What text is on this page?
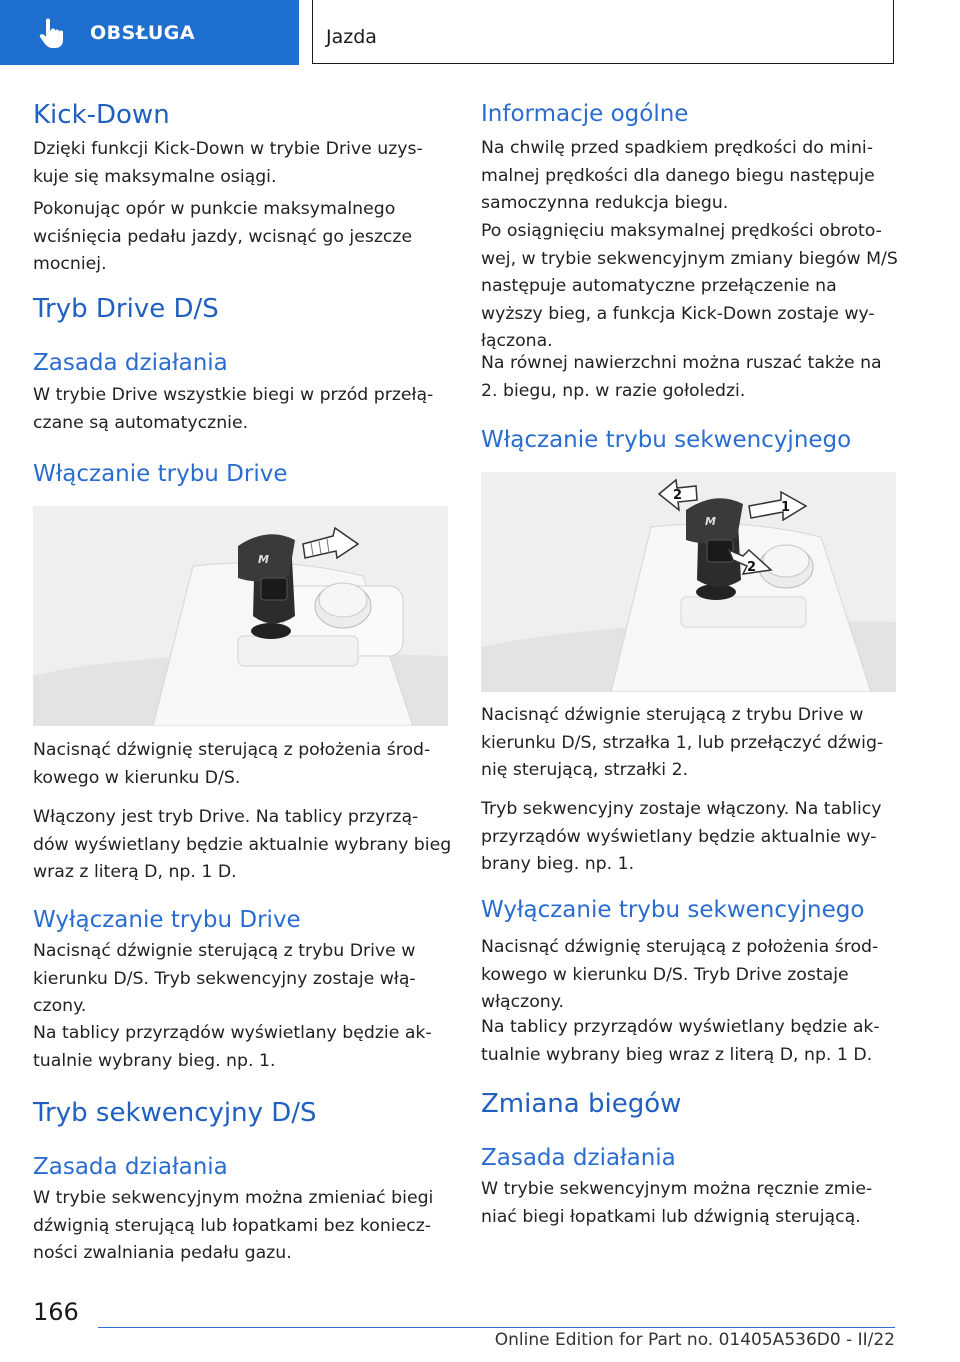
OBSŁUGA	Jazda
Kick-Down
Dzięki funkcji Kick-Down w trybie Drive uzys-kuje się maksymalne osiągi.
Pokonując opór w punkcie maksymalnego wciśnięcia pedału jazdy, wcisnąć go jeszcze mocniej.
Tryb Drive D/S
Zasada działania
W trybie Drive wszystkie biegi w przód przełą-czane są automatycznie.
Włączanie trybu Drive
M
Nacisnąć dźwignię sterującą z położenia środ-kowego w kierunku D/S.
Włączony jest tryb Drive. Na tablicy przyrzą-dów wyświetlany będzie aktualnie wybrany bieg wraz z literą D, np. 1 D.
Wyłączanie trybu Drive
Nacisnąć dźwignie sterującą z trybu Drive w kierunku D/S. Tryb sekwencyjny zostaje włą-czony.
Na tablicy przyrządów wyświetlany będzie ak-tualnie wybrany bieg. np. 1.
Tryb sekwencyjny D/S
Zasada działania
W trybie sekwencyjnym można zmieniać biegi dźwignią sterującą lub łopatkami bez koniecz-ności zwalniania pedału gazu.
Informacje ogólne
Na chwilę przed spadkiem prędkości do mini-malnej prędkości dla danego biegu następuje samoczynna redukcja biegu.
Po osiągnięciu maksymalnej prędkości obroto-wej, w trybie sekwencyjnym zmiany biegów M/S następuje automatyczne przełączenie na wyższy bieg, a funkcja Kick-Down zostaje wy-łączona.
Na równej nawierzchni można ruszać także na 2. biegu, np. w razie gołoledzi.
Włączanie trybu sekwencyjnego
M
1
2
2
Nacisnąć dźwignie sterującą z trybu Drive w kierunku D/S, strzałka 1, lub przełączyć dźwig-nię sterującą, strzałki 2.
Tryb sekwencyjny zostaje włączony. Na tablicy przyrządów wyświetlany będzie aktualnie wy-brany bieg. np. 1.
Wyłączanie trybu sekwencyjnego
Nacisnąć dźwignię sterującą z położenia środ-kowego w kierunku D/S. Tryb Drive zostaje włączony.
Na tablicy przyrządów wyświetlany będzie ak-tualnie wybrany bieg wraz z literą D, np. 1 D.
Zmiana biegów
Zasada działania
W trybie sekwencyjnym można ręcznie zmie-niać biegi łopatkami lub dźwignią sterującą.
166
Online Edition for Part no. 01405A536D0 - II/22
